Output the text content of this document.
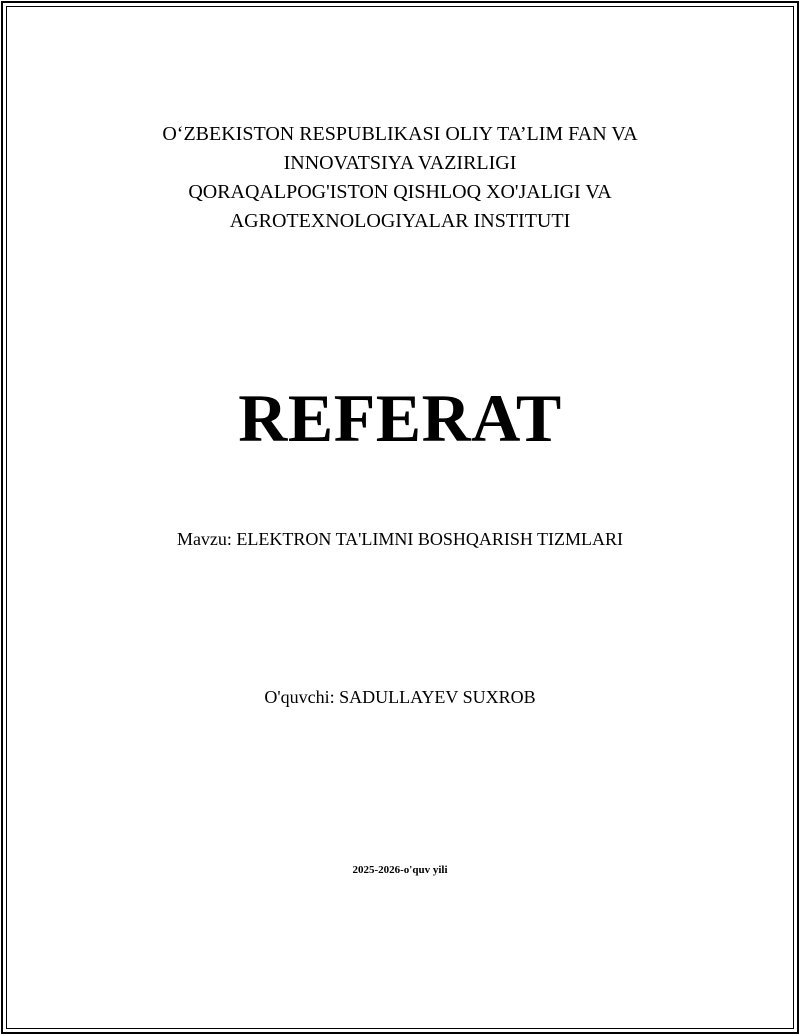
O‘ZBEKISTON RESPUBLIKASI OLIY TA’LIM FAN VA
INNOVATSIYA VAZIRLIGI
QORAQALPOG'ISTON QISHLOQ XO'JALIGI VA
AGROTEXNOLOGIYALAR INSTITUTI
REFERAT
Mavzu: ELEKTRON TA'LIMNI BOSHQARISH TIZMLARI
O'quvchi: SADULLAYEV SUXROB
2025-2026-o'quv yili
